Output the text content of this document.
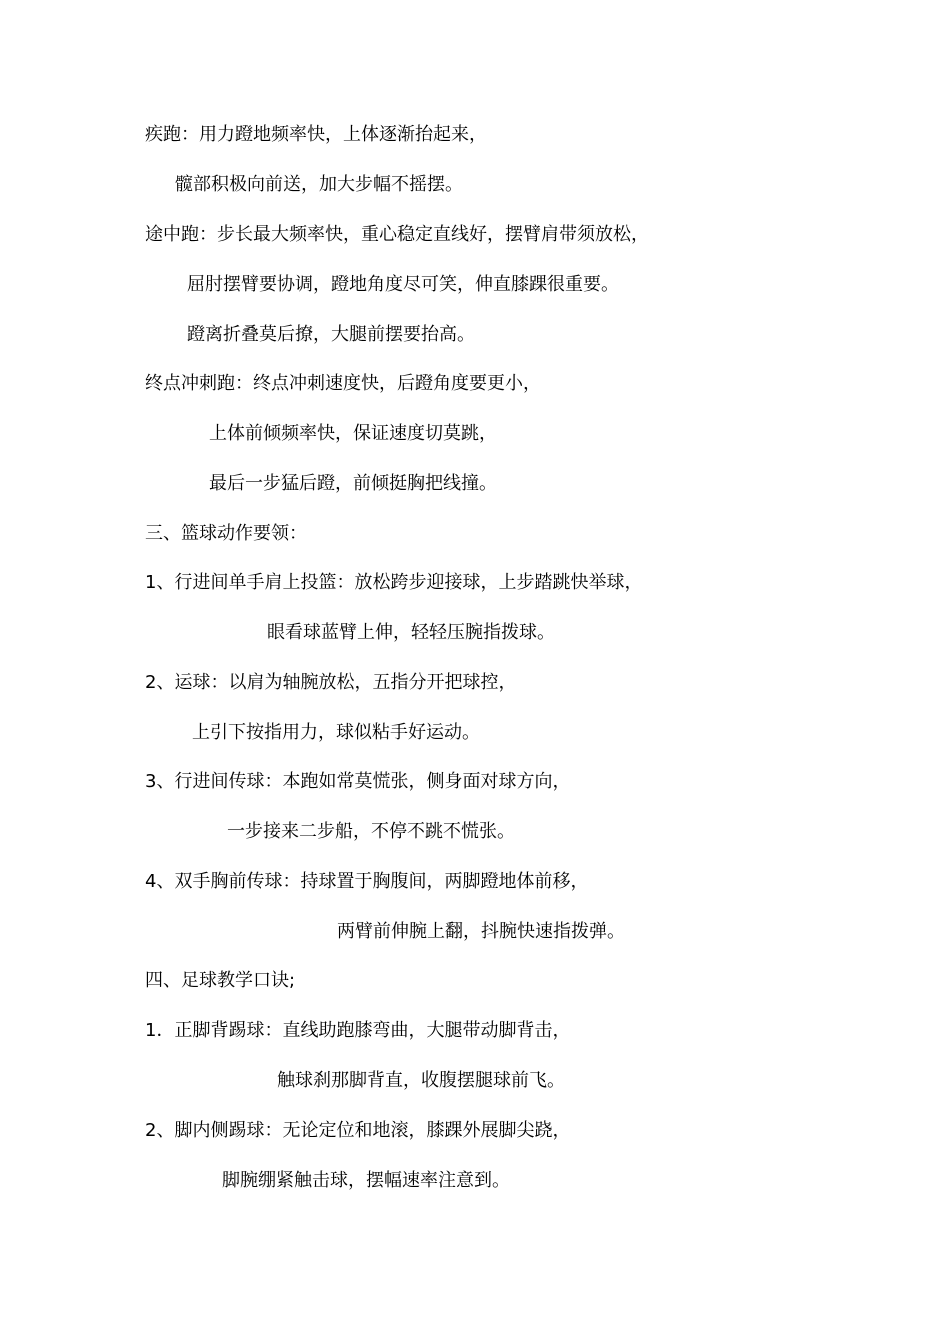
疾跑：用力蹬地频率快，上体逐渐抬起来，
髋部积极向前送，加大步幅不摇摆。
途中跑：步长最大频率快，重心稳定直线好，摆臂肩带须放松，
屈肘摆臂要协调，蹬地角度尽可笑，伸直膝踝很重要。
蹬离折叠莫后撩，大腿前摆要抬高。
终点冲刺跑：终点冲刺速度快，后蹬角度要更小，
上体前倾频率快，保证速度切莫跳，
最后一步猛后蹬，前倾挺胸把线撞。
三、篮球动作要领：
1、行进间单手肩上投篮：放松跨步迎接球，上步踏跳快举球，
眼看球蓝臂上伸，轻轻压腕指拨球。
2、运球：以肩为轴腕放松，五指分开把球控，
上引下按指用力，球似粘手好运动。
3、行进间传球：本跑如常莫慌张，侧身面对球方向，
一步接来二步船，不停不跳不慌张。
4、双手胸前传球：持球置于胸腹间，两脚蹬地体前移，
两臂前伸腕上翻，抖腕快速指拨弹。
四、足球教学口诀;
1．正脚背踢球：直线助跑膝弯曲，大腿带动脚背击，
触球刹那脚背直，收腹摆腿球前飞。
2、脚内侧踢球：无论定位和地滚，膝踝外展脚尖跷，
脚腕绷紧触击球，摆幅速率注意到。
